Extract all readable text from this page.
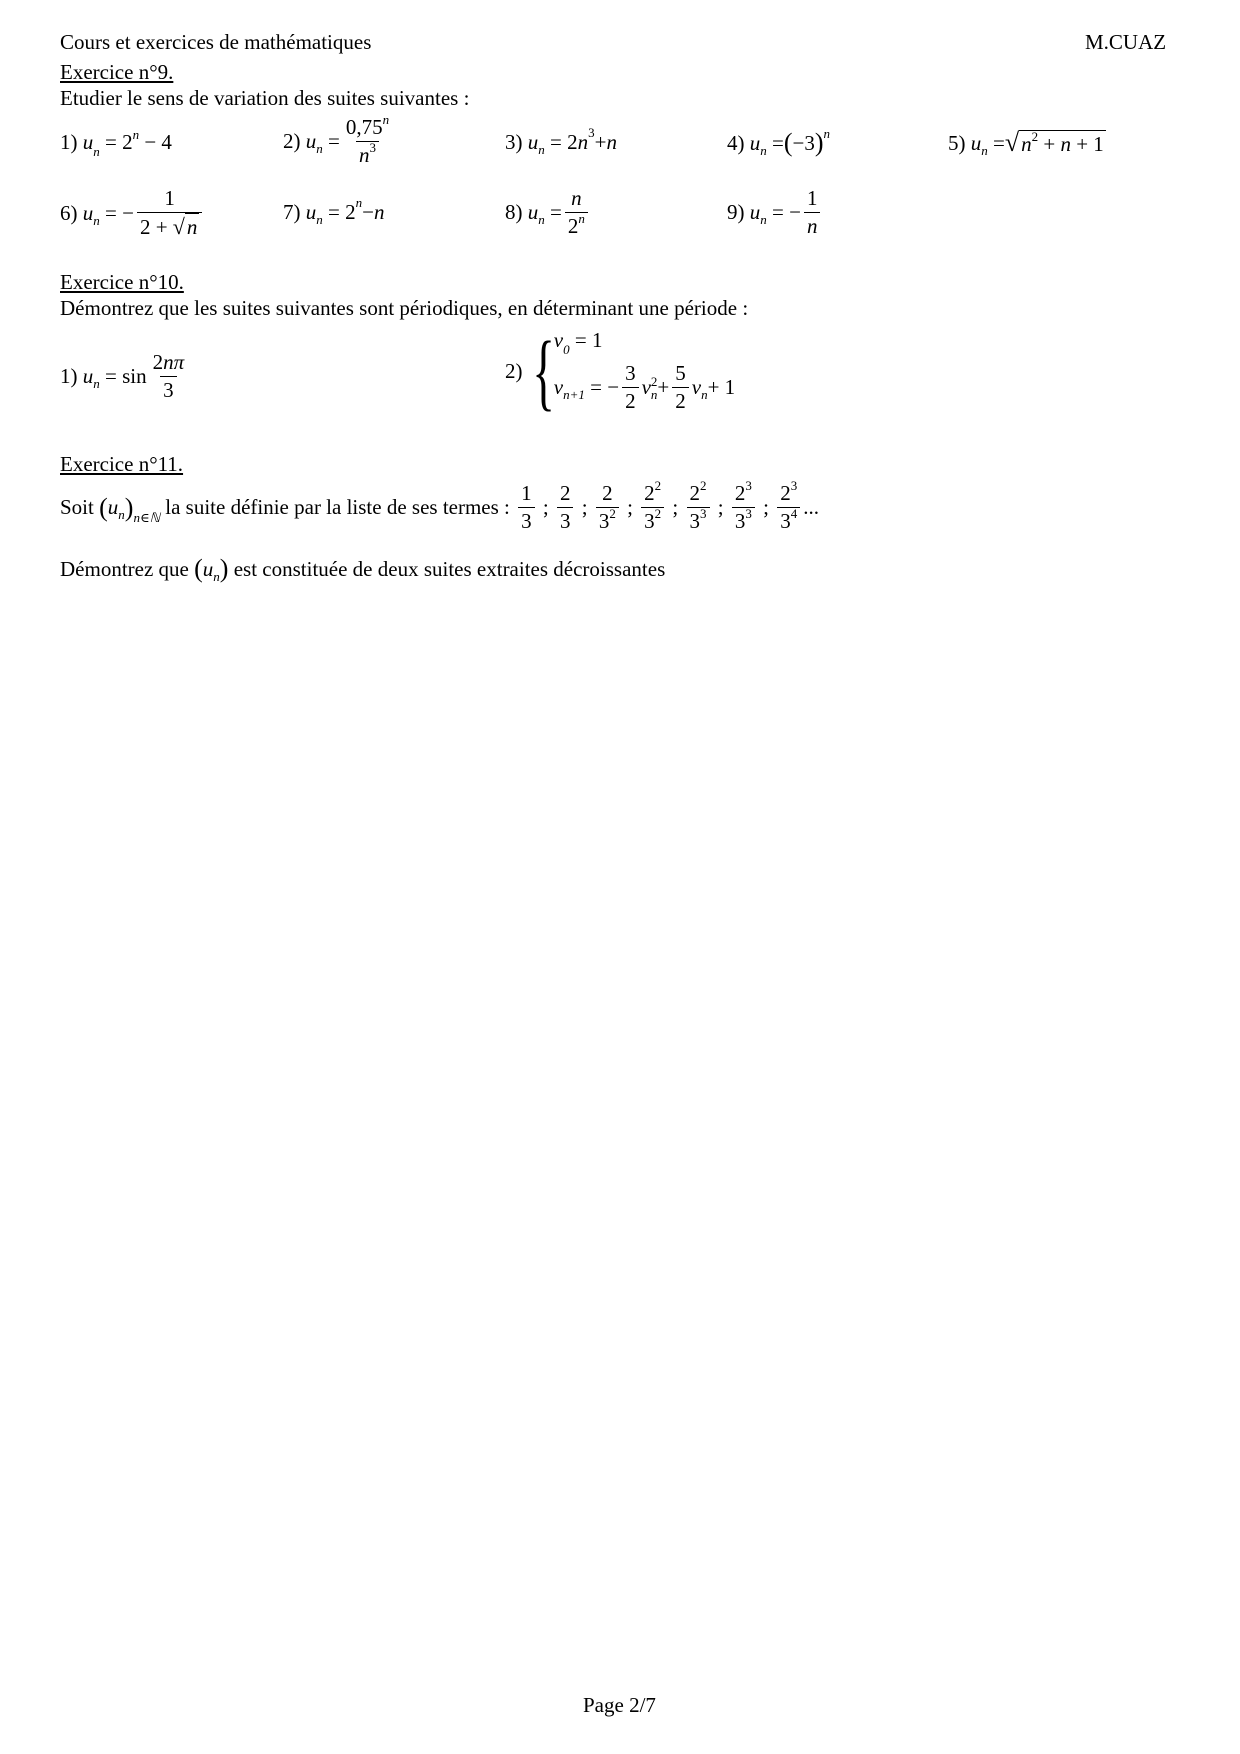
Cours et exercices de mathématiques	M.CUAZ
Exercice n°9.
Etudier le sens de variation des suites suivantes :
1)
$u_n = 2^n - 4$	2)
u $n = \frac{0,75^n}{n^3}$	3)
u n = 2 n 3 + n	4)
u n = ( −3 ) n	5)
u $n = √n^2 + n + 1$
6)
u n = − $\frac{1}{2 + √n}$	7)
u n = 2 n − n	8)
u $n = \frac{n}{2^n}$	9)
u n = − $\frac{1}{n}$
Exercice n°10.
Démontrez que les suites suivantes sont périodiques, en déterminant une période :
1)
u $n = \sin \frac{2n\pi}{3}$	2) { $v_0 = 1$
v n+1 = − $\frac{3}{2}$ v 2
$n + \frac{5}{2}$ v n + 1
Exercice n°11.
Soit
( u n ) n∈ℕ
la suite définie par la liste de ses termes :
$\frac{1}{3}$ ; $\frac{2}{3}$ ; $\frac{2}{3^2}$ ; $\frac{2^2}{3^2}$ ; $\frac{2^2}{3^3}$ ; $\frac{2^3}{3^3}$ ; $\frac{2^3}{3^4}$ ...
Démontrez que
( u n )
est constituée de deux suites extraites décroissantes
Page 2/7
